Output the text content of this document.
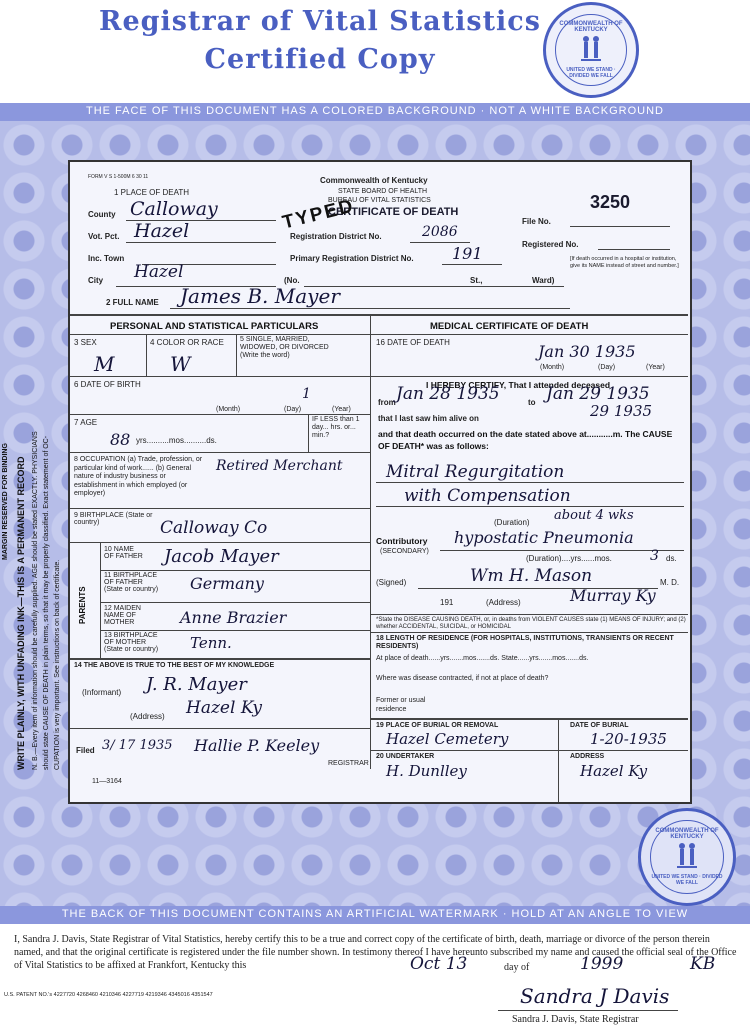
Registrar of Vital Statistics
Certified Copy
COMMONWEALTH OF KENTUCKY
UNITED WE STAND · DIVIDED WE FALL
THE FACE OF THIS DOCUMENT HAS A COLORED BACKGROUND · NOT A WHITE BACKGROUND
THE BACK OF THIS DOCUMENT CONTAINS AN ARTIFICIAL WATERMARK · HOLD AT AN ANGLE TO VIEW
MARGIN RESERVED FOR BINDING WRITE PLAINLY, WITH UNFADING INK—THIS IS A PERMANENT RECORD N. B.—Every item of information should be carefully supplied. AGE should be stated EXACTLY. PHYSICIANS should state CAUSE OF DEATH in plain terms, so that it may be properly classified. Exact statement of OC- CUPATION is very important. See instructions on back of certificate.
FORM V S 1-500M 6 30 11	Commonwealth of Kentucky
STATE BOARD OF HEALTH
BUREAU OF VITAL STATISTICS
CERTIFICATE OF DEATH
TYPED	3250
File No.
Registered No.
[If death occurred in a hospital or institution, give its NAME instead of street and number.]
1 PLACE OF DEATH
County Calloway
Vot. Pct. Hazel	Registration District No.	2086
Inc. Town	Primary Registration District No. 191
City Hazel	(No.	St.,	Ward)
2 FULL NAME James B. Mayer
PERSONAL AND STATISTICAL PARTICULARS	MEDICAL CERTIFICATE OF DEATH
3 SEX
M
4 COLOR OR RACE
W
5 SINGLE, MARRIED, WIDOWED, OR DIVORCED (Write the word)
6 DATE OF BIRTH
1
(Month)	(Day)	(Year)
7 AGE
88 yrs..........mos..........ds.
IF LESS than 1 day... hrs. or... min.?
8 OCCUPATION (a) Trade, profession, or particular kind of work...... (b) General nature of industry business or establishment in which employed (or employer)
Retired Merchant
9 BIRTHPLACE (State or country)	Calloway Co
PARENTS
10 NAME OF FATHER Jacob Mayer
11 BIRTHPLACE OF FATHER (State or country) Germany
12 MAIDEN NAME OF MOTHER	Anne Brazier
13 BIRTHPLACE OF MOTHER (State or country) Tenn.
14 THE ABOVE IS TRUE TO THE BEST OF MY KNOWLEDGE
(Informant) J. R. Mayer
(Address) Hazel Ky
Filed 3/ 17 1935 Hallie P. Keeley
REGISTRAR
11—3164
16 DATE OF DEATH	Jan 30 1935
(Month)	(Day)	(Year)
I HEREBY CERTIFY, That I attended deceased
from Jan 28 1935	to Jan 29 1935
that I last saw him alive on	29 1935
and that death occurred on the date stated above at...........m. The CAUSE OF DEATH* was as follows:
Mitral Regurgitation
with Compensation
(Duration) about 4 wks
Contributory
(SECONDARY)
hypostatic Pneumonia
(Duration)....yrs......mos.	3 ds.
(Signed)	Wm H. Mason	M. D.
191	(Address)	Murray Ky
*State the DISEASE CAUSING DEATH, or, in deaths from VIOLENT CAUSES state (1) MEANS OF INJURY; and (2) whether ACCIDENTAL, SUICIDAL, or HOMICIDAL
18 LENGTH OF RESIDENCE (FOR HOSPITALS, INSTITUTIONS, TRANSIENTS OR RECENT RESIDENTS)
At place of death......yrs.......mos.......ds. State......yrs.......mos.......ds.
Where was disease contracted, if not at place of death?
Former or usual residence
19 PLACE OF BURIAL OR REMOVAL
Hazel Cemetery
DATE OF BURIAL
1-20-1935
20 UNDERTAKER
H. Dunlley
ADDRESS
Hazel Ky
COMMONWEALTH OF KENTUCKY
UNITED WE STAND · DIVIDED WE FALL
I, Sandra J. Davis, State Registrar of Vital Statistics, hereby certify this to be a true and correct copy of the certificate of birth, death, marriage or divorce of the person therein named, and that the original certificate is registered under the file number shown. In testimony thereof I have hereunto subscribed my name and caused the official seal of the Office of Vital Statistics to be affixed at Frankfort, Kentucky this	Oct 13	day of	1999	KB
U.S. PATENT NO.'s 4227720 4268460 4210346 4227719 4219346 4345016 4351547	Sandra J Davis
Sandra J. Davis, State Registrar
